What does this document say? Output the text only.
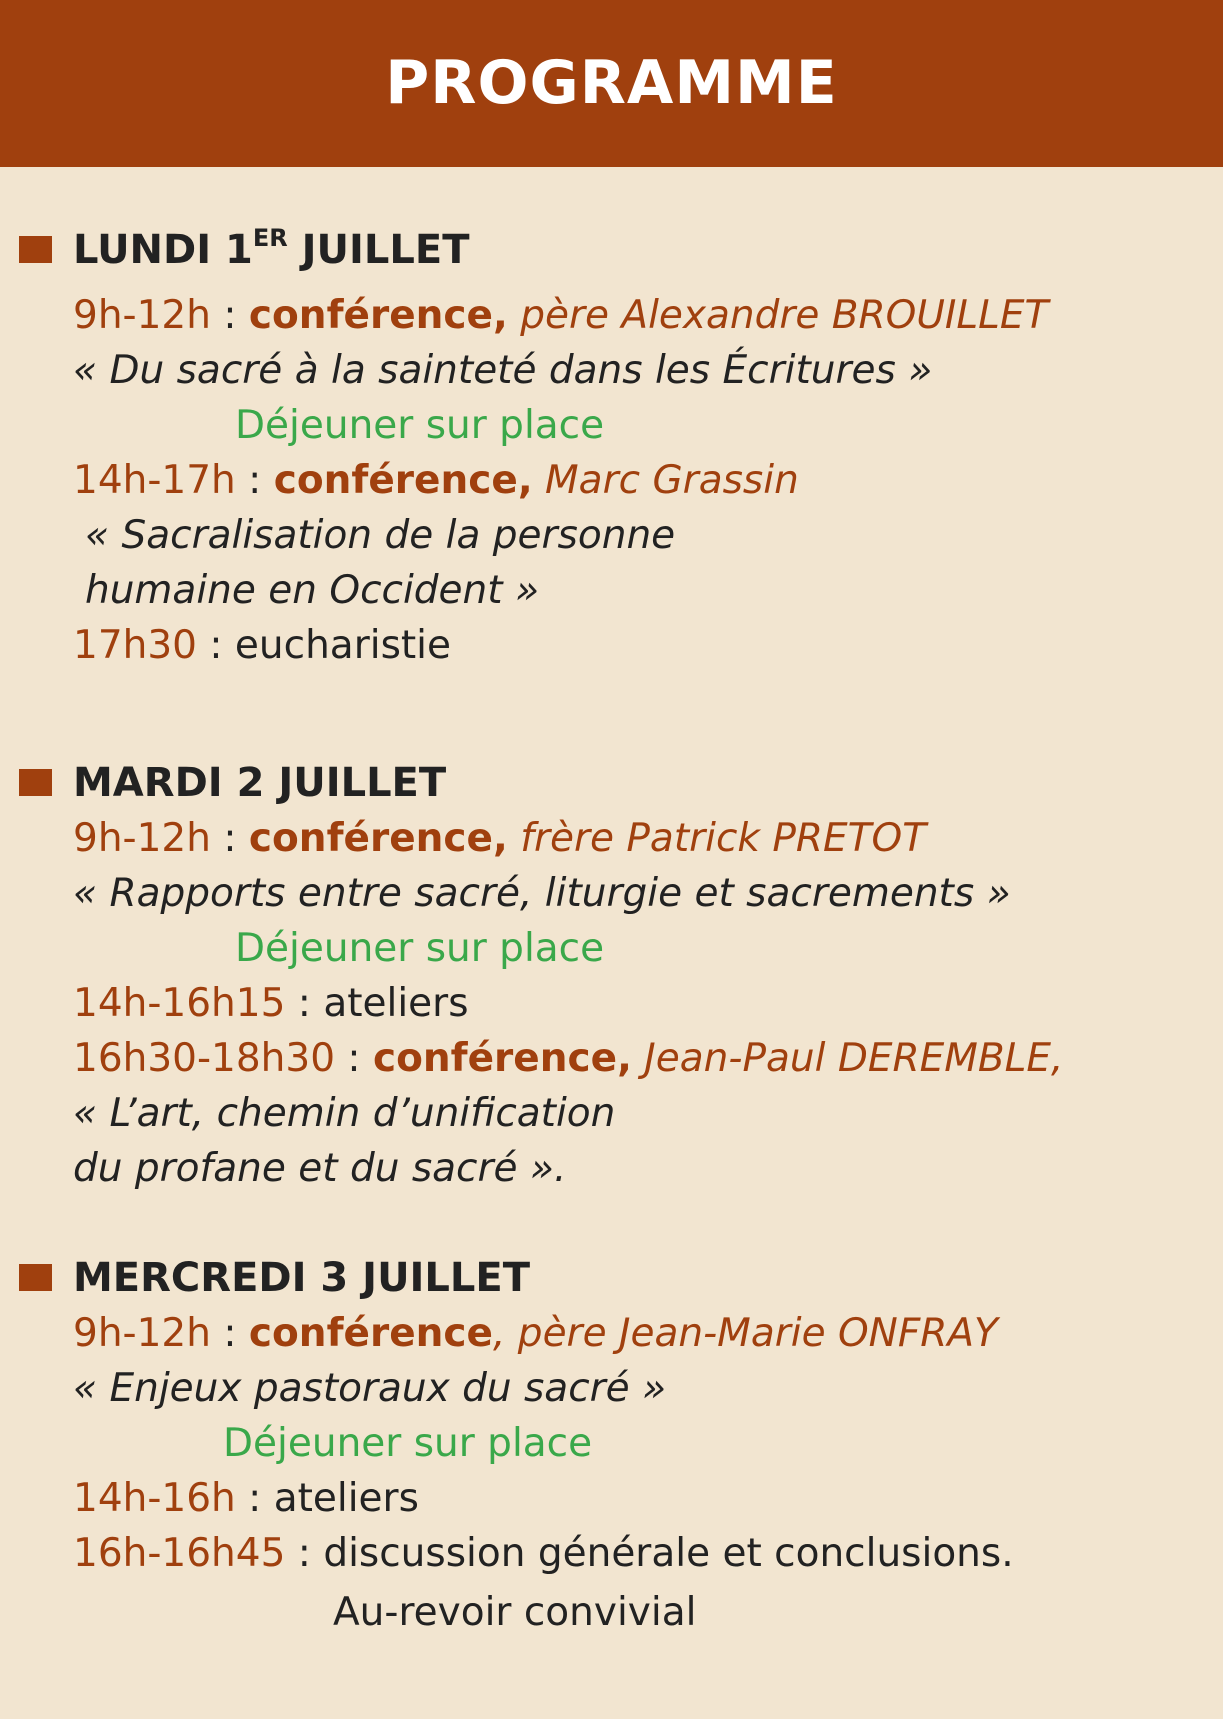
PROGRAMME
LUNDI 1ER JUILLET
9h-12h : conférence, père Alexandre BROUILLET
« Du sacré à la sainteté dans les Écritures »
Déjeuner sur place
14h-17h : conférence, Marc Grassin
« Sacralisation de la personne
humaine en Occident »
17h30 : eucharistie
MARDI 2 JUILLET
9h-12h : conférence, frère Patrick PRETOT
« Rapports entre sacré, liturgie et sacrements »
Déjeuner sur place
14h-16h15 : ateliers
16h30-18h30 : conférence, Jean-Paul DEREMBLE,
« L’art, chemin d’unification
du profane et du sacré ».
MERCREDI 3 JUILLET
9h-12h : conférence, père Jean-Marie ONFRAY
« Enjeux pastoraux du sacré »
Déjeuner sur place
14h-16h : ateliers
16h-16h45 : discussion générale et conclusions.
Au-revoir convivial
